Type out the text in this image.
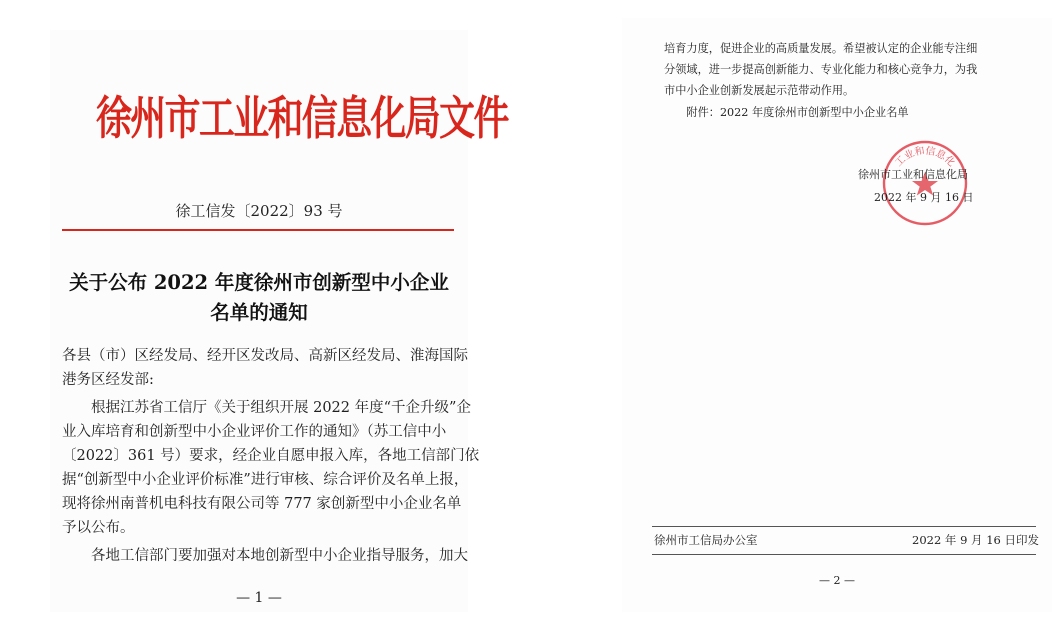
徐州市工业和信息化局文件
徐工信发〔2022〕93 号
关于公布 2022 年度徐州市创新型中小企业
名单的通知
各县（市）区经发局、经开区发改局、高新区经发局、淮海国际
港务区经发部:
　　根据江苏省工信厅《关于组织开展 2022 年度“千企升级”企
业入库培育和创新型中小企业评价工作的通知》（苏工信中小
〔2022〕361 号）要求，经企业自愿申报入库，各地工信部门依
据“创新型中小企业评价标准”进行审核、综合评价及名单上报，
现将徐州南普机电科技有限公司等 777 家创新型中小企业名单
予以公布。
　　各地工信部门要加强对本地创新型中小企业指导服务，加大
— 1 —
培育力度，促进企业的高质量发展。希望被认定的企业能专注细
分领域，进一步提高创新能力、专业化能力和核心竞争力，为我
市中小企业创新发展起示范带动作用。
　　附件：2022 年度徐州市创新型中小企业名单
工业和信息化
徐州市工业和信息化局
2022 年 9 月 16 日
徐州市工信局办公室	2022 年 9 月 16 日印发
— 2 —
